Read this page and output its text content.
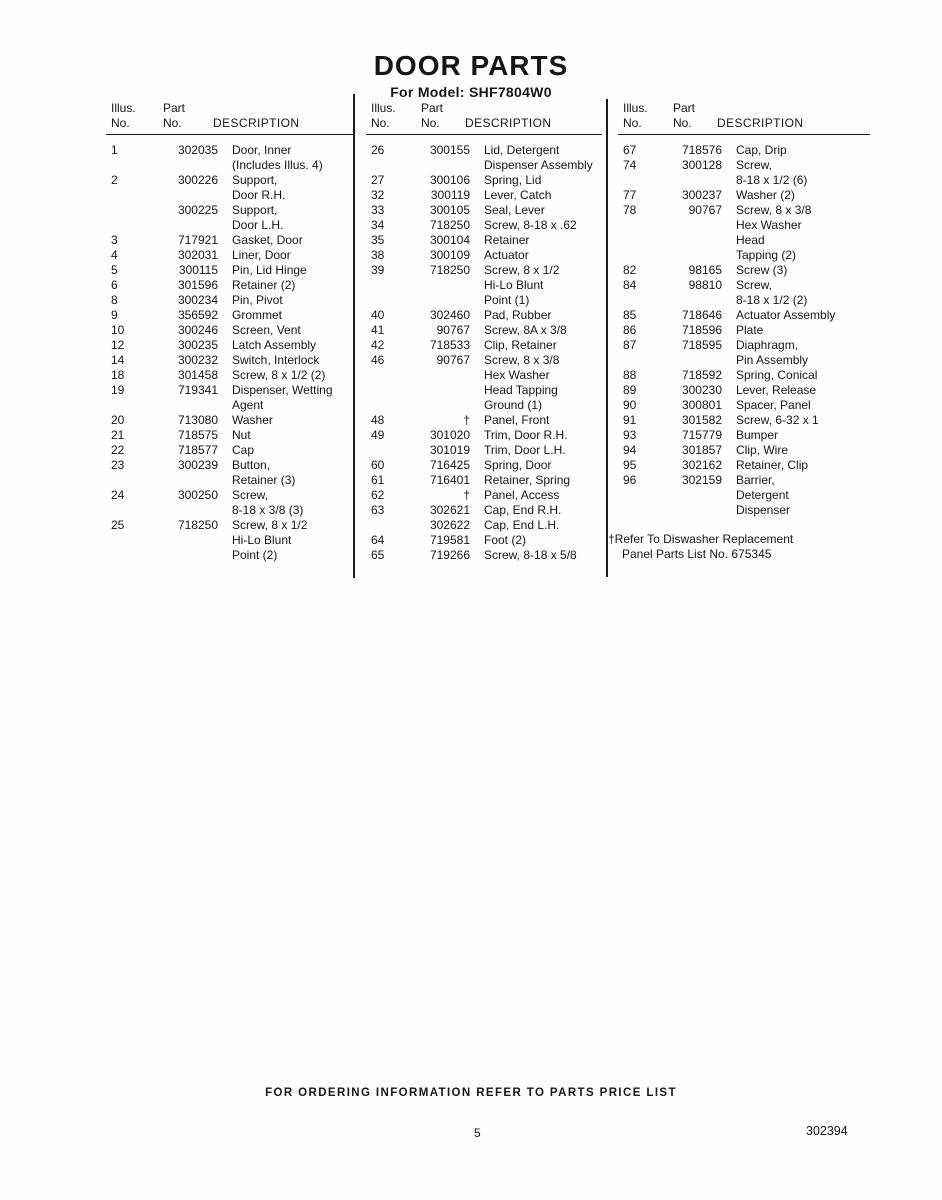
DOOR PARTS
For Model: SHF7804W0
Illus.	Part
No.	No.	DESCRIPTION
1	302035 Door, Inner
(Includes Illus. 4)
2	300226 Support,
Door R.H.
300225 Support,
Door L.H.
3	717921 Gasket, Door
4	302031 Liner, Door
5	300115 Pin, Lid Hinge
6	301596 Retainer (2)
8	300234 Pin, Pivot
9	356592 Grommet
10	300246 Screen, Vent
12	300235 Latch Assembly
14	300232 Switch, Interlock
18	301458 Screw, 8 x 1/2 (2)
19	719341 Dispenser, Wetting
Agent
20	713080 Washer
21	718575 Nut
22	718577 Cap
23	300239 Button,
Retainer (3)
24	300250 Screw,
8-18 x 3/8 (3)
25	718250 Screw, 8 x 1/2
Hi-Lo Blunt
Point (2)
Illus.	Part
No.	No.	DESCRIPTION
26	300155 Lid, Detergent
Dispenser Assembly
27	300106 Spring, Lid
32	300119 Lever, Catch
33	300105 Seal, Lever
34	718250 Screw, 8-18 x .62
35	300104 Retainer
38	300109 Actuator
39	718250 Screw, 8 x 1/2
Hi-Lo Blunt
Point (1)
40	302460 Pad, Rubber
41	90767 Screw, 8A x 3/8
42	718533 Clip, Retainer
46	90767 Screw, 8 x 3/8
Hex Washer
Head Tapping
Ground (1)
48	† Panel, Front
49	301020 Trim, Door R.H.
301019 Trim, Door L.H.
60	716425 Spring, Door
61	716401 Retainer, Spring
62	† Panel, Access
63	302621 Cap, End R.H.
302622 Cap, End L.H.
64	719581 Foot (2)
65	719266 Screw, 8-18 x 5/8
Illus.	Part
No.	No.	DESCRIPTION
67	718576 Cap, Drip
74	300128 Screw,
8-18 x 1/2 (6)
77	300237 Washer (2)
78	90767 Screw, 8 x 3/8
Hex Washer
Head
Tapping (2)
82	98165 Screw (3)
84	98810 Screw,
8-18 x 1/2 (2)
85	718646 Actuator Assembly
86	718596 Plate
87	718595 Diaphragm,
Pin Assembly
88	718592 Spring, Conical
89	300230 Lever, Release
90	300801 Spacer, Panel
91	301582 Screw, 6-32 x 1
93	715779 Bumper
94	301857 Clip, Wire
95	302162 Retainer, Clip
96	302159 Barrier,
Detergent
Dispenser
†Refer To Diswasher Replacement
Panel Parts List No. 675345
FOR ORDERING INFORMATION REFER TO PARTS PRICE LIST
5	302394
